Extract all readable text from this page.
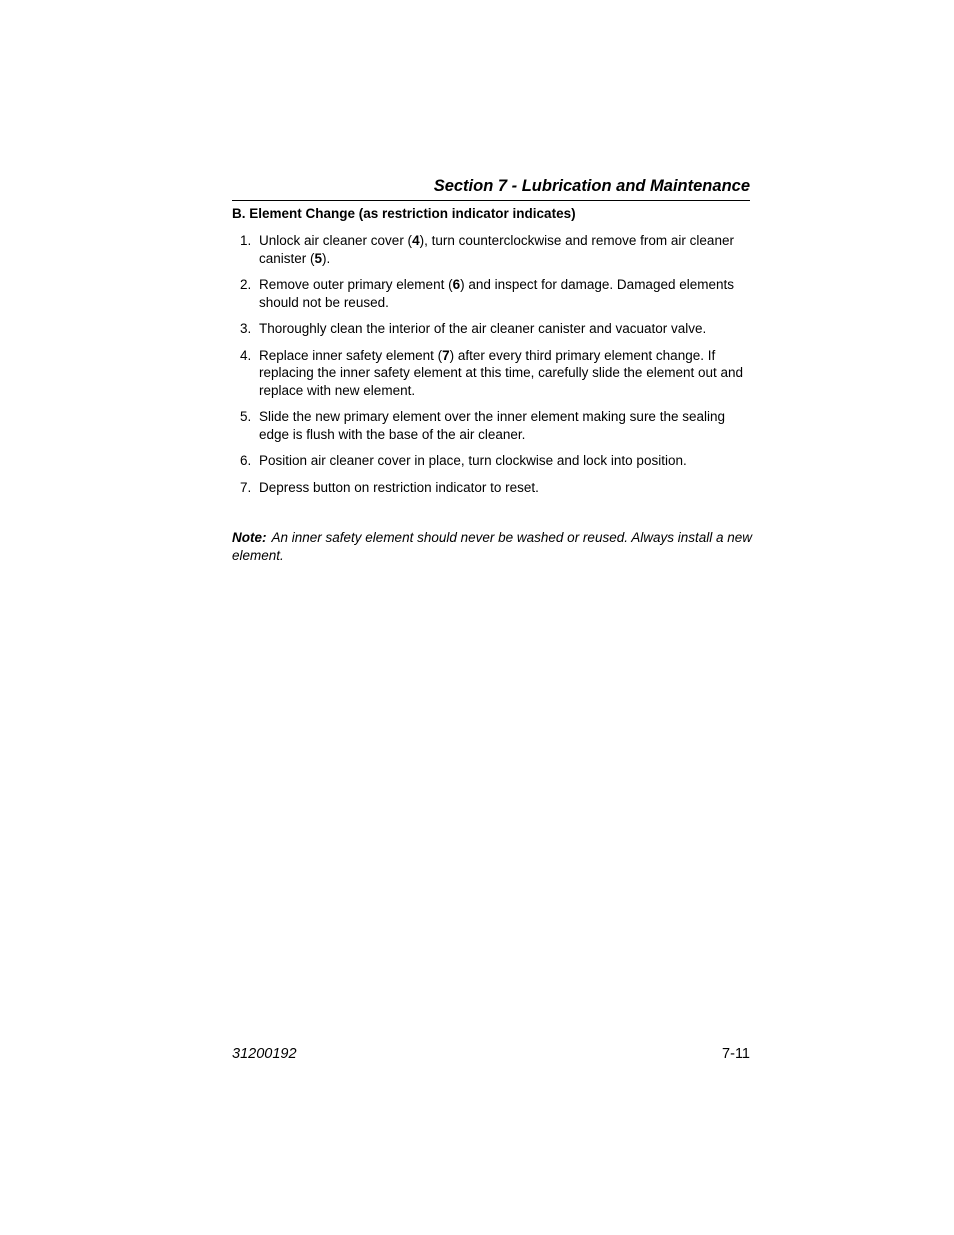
Section 7 - Lubrication and Maintenance
B. Element Change (as restriction indicator indicates)
1. Unlock air cleaner cover (4), turn counterclockwise and remove from air cleaner canister (5).
2. Remove outer primary element (6) and inspect for damage. Damaged elements should not be reused.
3. Thoroughly clean the interior of the air cleaner canister and vacuator valve.
4. Replace inner safety element (7) after every third primary element change. If replacing the inner safety element at this time, carefully slide the element out and replace with new element.
5. Slide the new primary element over the inner element making sure the sealing edge is flush with the base of the air cleaner.
6. Position air cleaner cover in place, turn clockwise and lock into position.
7. Depress button on restriction indicator to reset.
Note: An inner safety element should never be washed or reused. Always install a new element.
31200192	7-11
